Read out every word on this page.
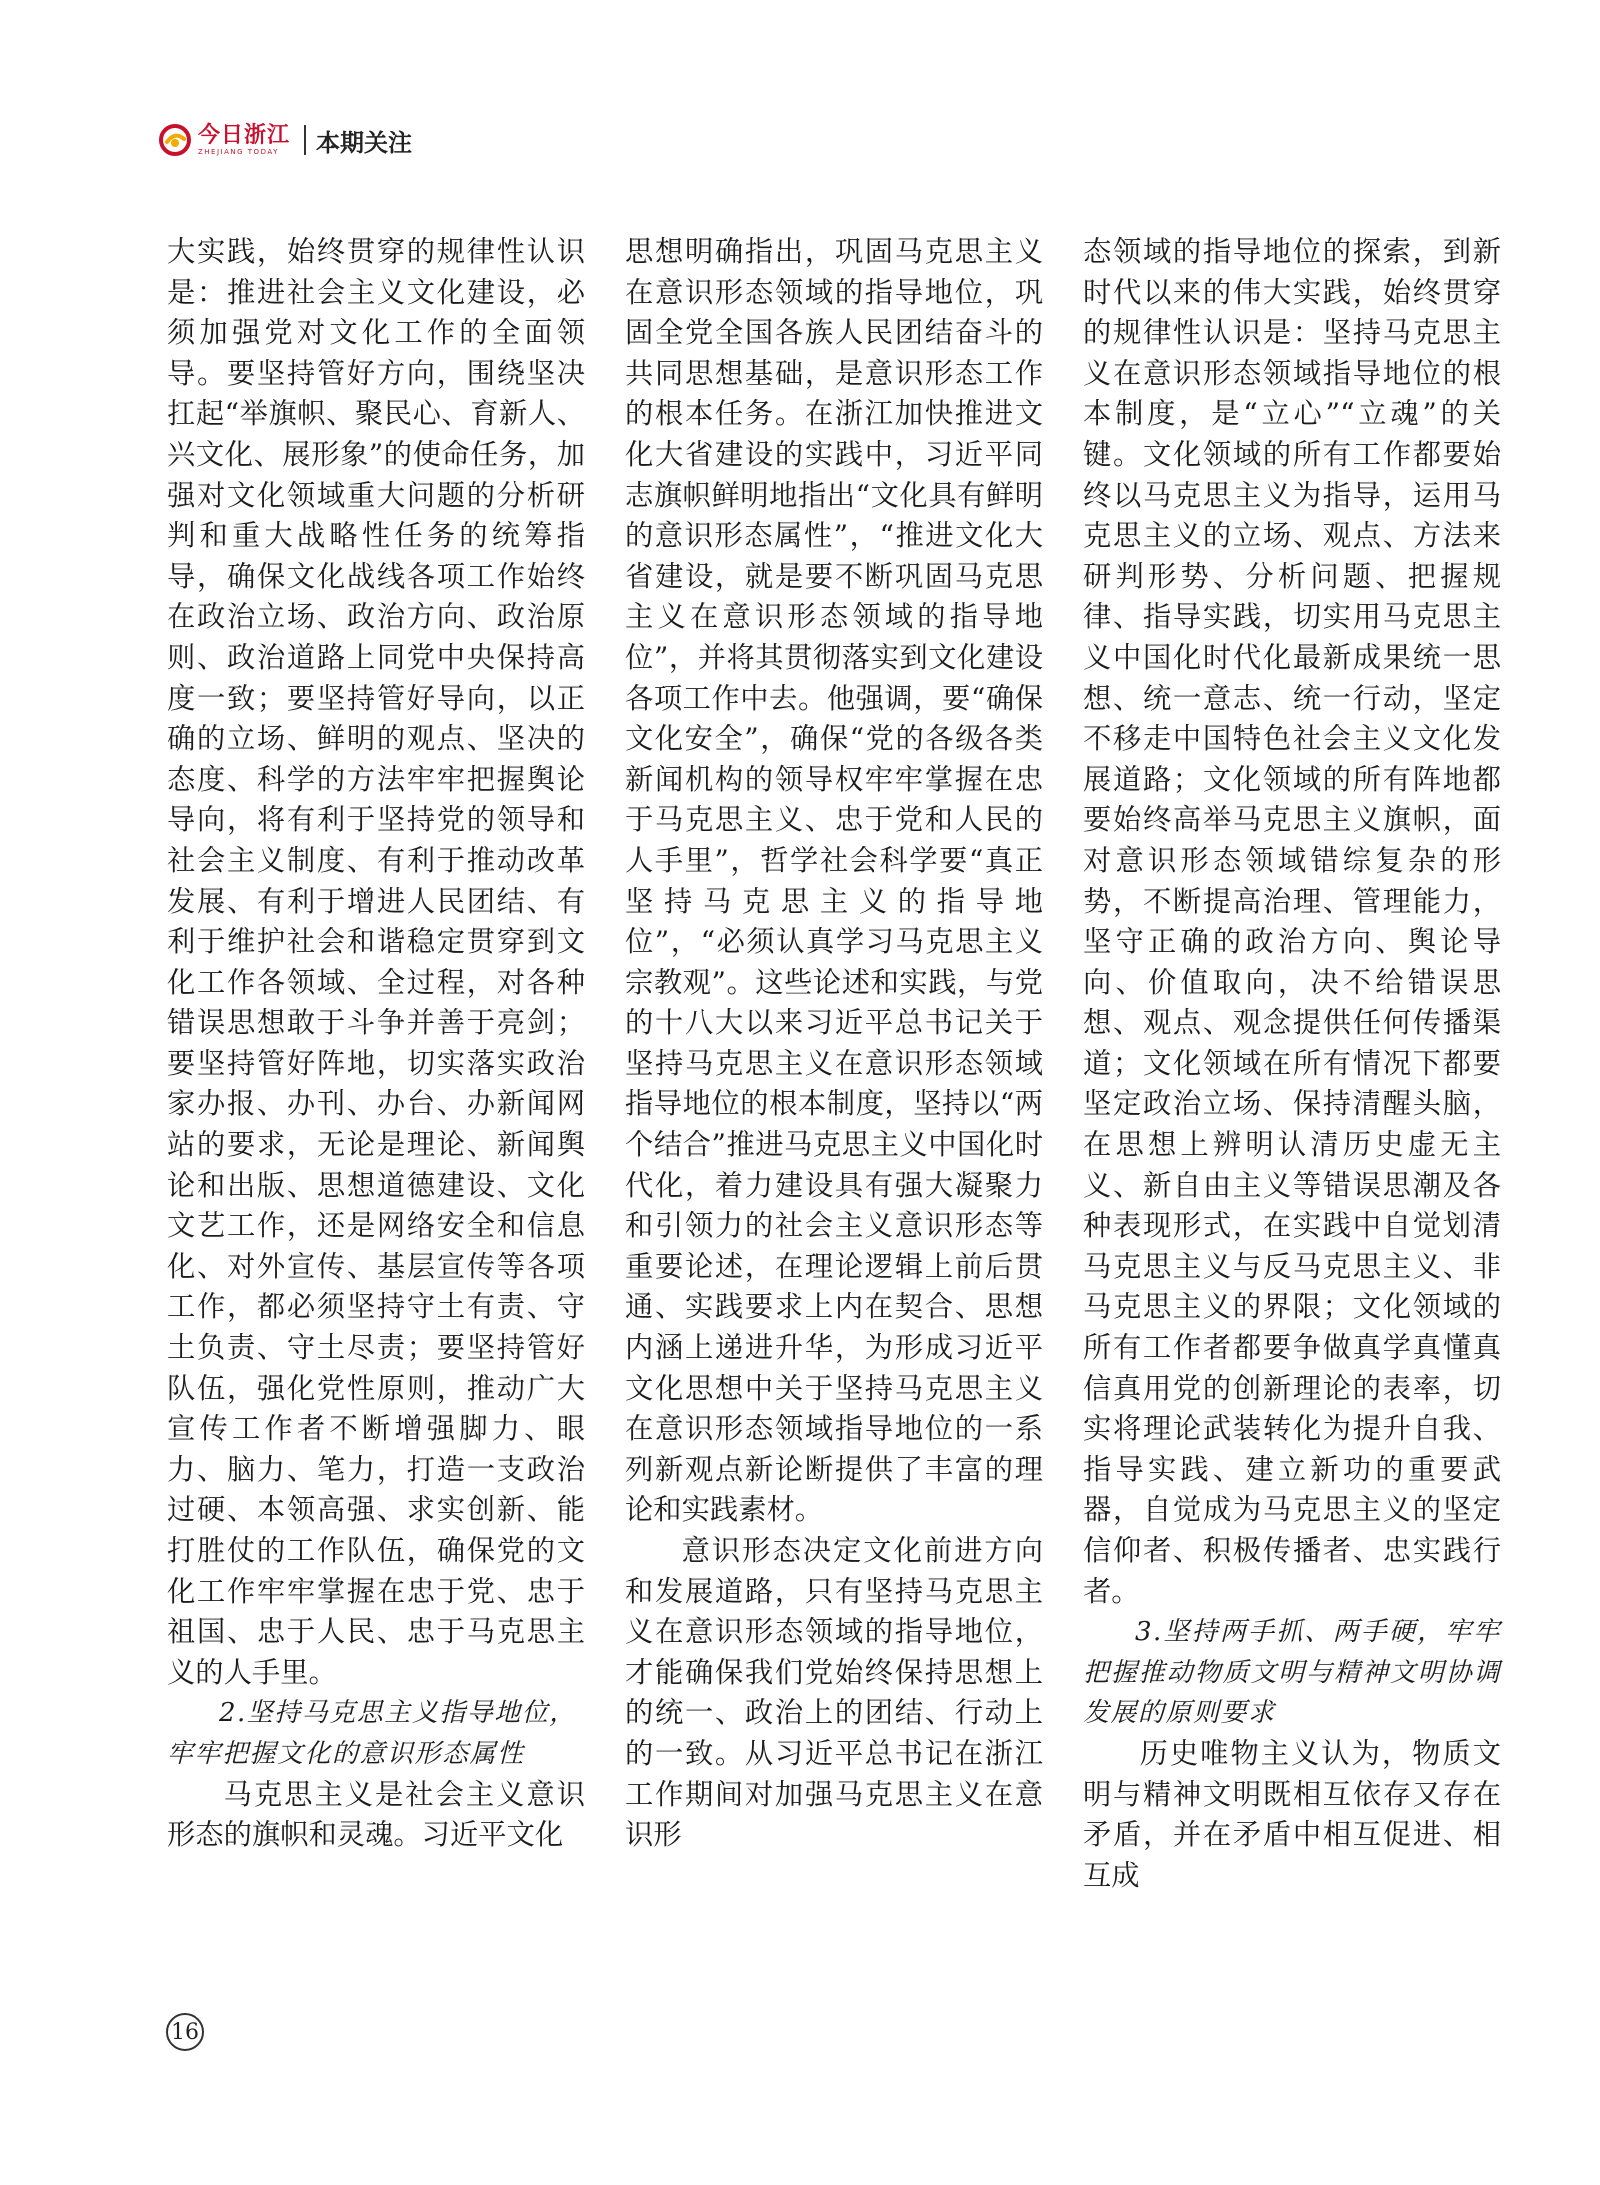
今日浙江
ZHEJIANG TODAY	本期关注

大实践，始终贯穿的规律性认识是：推进社会主义文化建设，必须加强党对文化工作的全面领导。要坚持管好方向，围绕坚决扛起“举旗帜、聚民心、育新人、兴文化、展形象”的使命任务，加强对文化领域重大问题的分析研判和重大战略性任务的统筹指导，确保文化战线各项工作始终在政治立场、政治方向、政治原则、政治道路上同党中央保持高度一致；要坚持管好导向，以正确的立场、鲜明的观点、坚决的态度、科学的方法牢牢把握舆论导向，将有利于坚持党的领导和社会主义制度、有利于推动改革发展、有利于增进人民团结、有利于维护社会和谐稳定贯穿到文化工作各领域、全过程，对各种错误思想敢于斗争并善于亮剑；要坚持管好阵地，切实落实政治家办报、办刊、办台、办新闻网站的要求，无论是理论、新闻舆论和出版、思想道德建设、文化文艺工作，还是网络安全和信息化、对外宣传、基层宣传等各项工作，都必须坚持守土有责、守土负责、守土尽责；要坚持管好队伍，强化党性原则，推动广大宣传工作者不断增强脚力、眼力、脑力、笔力，打造一支政治过硬、本领高强、求实创新、能打胜仗的工作队伍，确保党的文化工作牢牢掌握在忠于党、忠于祖国、忠于人民、忠于马克思主义的人手里。

2.坚持马克思主义指导地位，

牢牢把握文化的意识形态属性

马克思主义是社会主义意识形态的旗帜和灵魂。习近平文化

思想明确指出，巩固马克思主义在意识形态领域的指导地位，巩固全党全国各族人民团结奋斗的共同思想基础，是意识形态工作的根本任务。在浙江加快推进文化大省建设的实践中，习近平同志旗帜鲜明地指出“文化具有鲜明的意识形态属性”，“推进文化大省建设，就是要不断巩固马克思主义在意识形态领域的指导地位”，并将其贯彻落实到文化建设各项工作中去。他强调，要“确保文化安全”，确保“党的各级各类新闻机构的领导权牢牢掌握在忠于马克思主义、忠于党和人民的人手里”，哲学社会科学要“真正坚持马克思主义的指导地位”，“必须认真学习马克思主义宗教观”。这些论述和实践，与党的十八大以来习近平总书记关于坚持马克思主义在意识形态领域指导地位的根本制度，坚持以“两个结合”推进马克思主义中国化时代化，着力建设具有强大凝聚力和引领力的社会主义意识形态等重要论述，在理论逻辑上前后贯通、实践要求上内在契合、思想内涵上递进升华，为形成习近平文化思想中关于坚持马克思主义在意识形态领域指导地位的一系列新观点新论断提供了丰富的理论和实践素材。

意识形态决定文化前进方向和发展道路，只有坚持马克思主义在意识形态领域的指导地位，才能确保我们党始终保持思想上的统一、政治上的团结、行动上的一致。从习近平总书记在浙江工作期间对加强马克思主义在意识形

态领域的指导地位的探索，到新时代以来的伟大实践，始终贯穿的规律性认识是：坚持马克思主义在意识形态领域指导地位的根本制度，是“立心”“立魂”的关键。文化领域的所有工作都要始终以马克思主义为指导，运用马克思主义的立场、观点、方法来研判形势、分析问题、把握规律、指导实践，切实用马克思主义中国化时代化最新成果统一思想、统一意志、统一行动，坚定不移走中国特色社会主义文化发展道路；文化领域的所有阵地都要始终高举马克思主义旗帜，面对意识形态领域错综复杂的形势，不断提高治理、管理能力，坚守正确的政治方向、舆论导向、价值取向，决不给错误思想、观点、观念提供任何传播渠道；文化领域在所有情况下都要坚定政治立场、保持清醒头脑，在思想上辨明认清历史虚无主义、新自由主义等错误思潮及各种表现形式，在实践中自觉划清马克思主义与反马克思主义、非马克思主义的界限；文化领域的所有工作者都要争做真学真懂真信真用党的创新理论的表率，切实将理论武装转化为提升自我、指导实践、建立新功的重要武器，自觉成为马克思主义的坚定信仰者、积极传播者、忠实践行者。

3.坚持两手抓、两手硬，牢牢把握推动物质文明与精神文明协调发展的原则要求

历史唯物主义认为，物质文明与精神文明既相互依存又存在矛盾，并在矛盾中相互促进、相互成

16
